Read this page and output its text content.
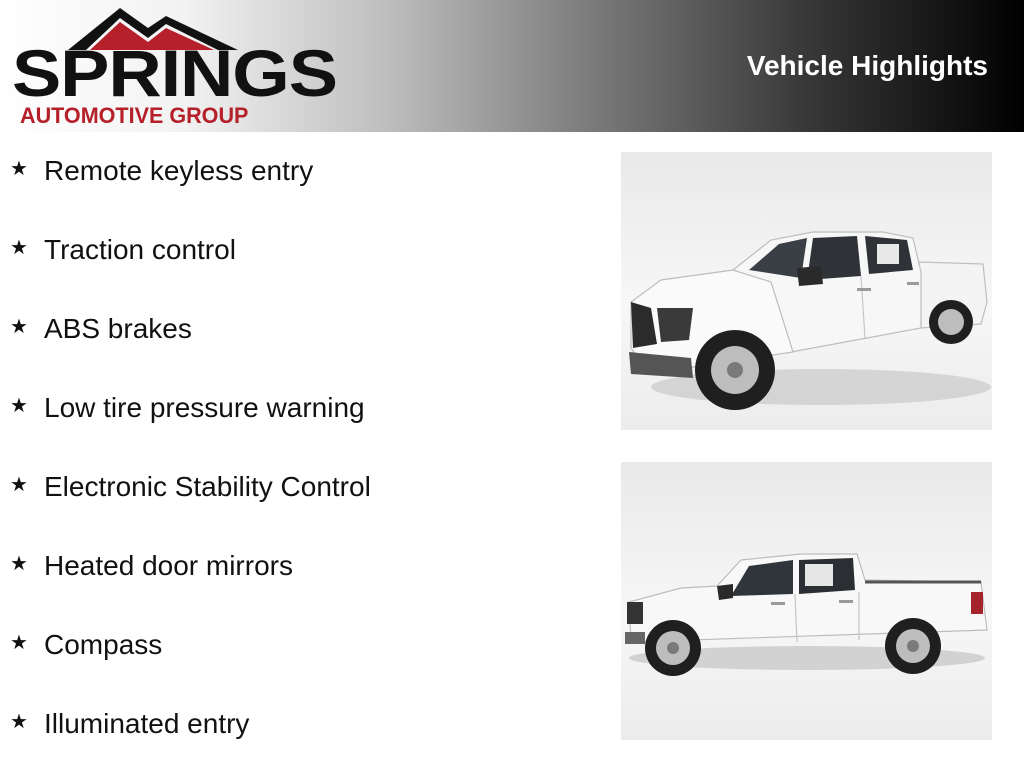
SPRINGS
AUTOMOTIVE GROUP
Vehicle Highlights
★ Remote keyless entry
★ Traction control
★ ABS brakes
★ Low tire pressure warning
★ Electronic Stability Control
★ Heated door mirrors
★ Compass
★ Illuminated entry
